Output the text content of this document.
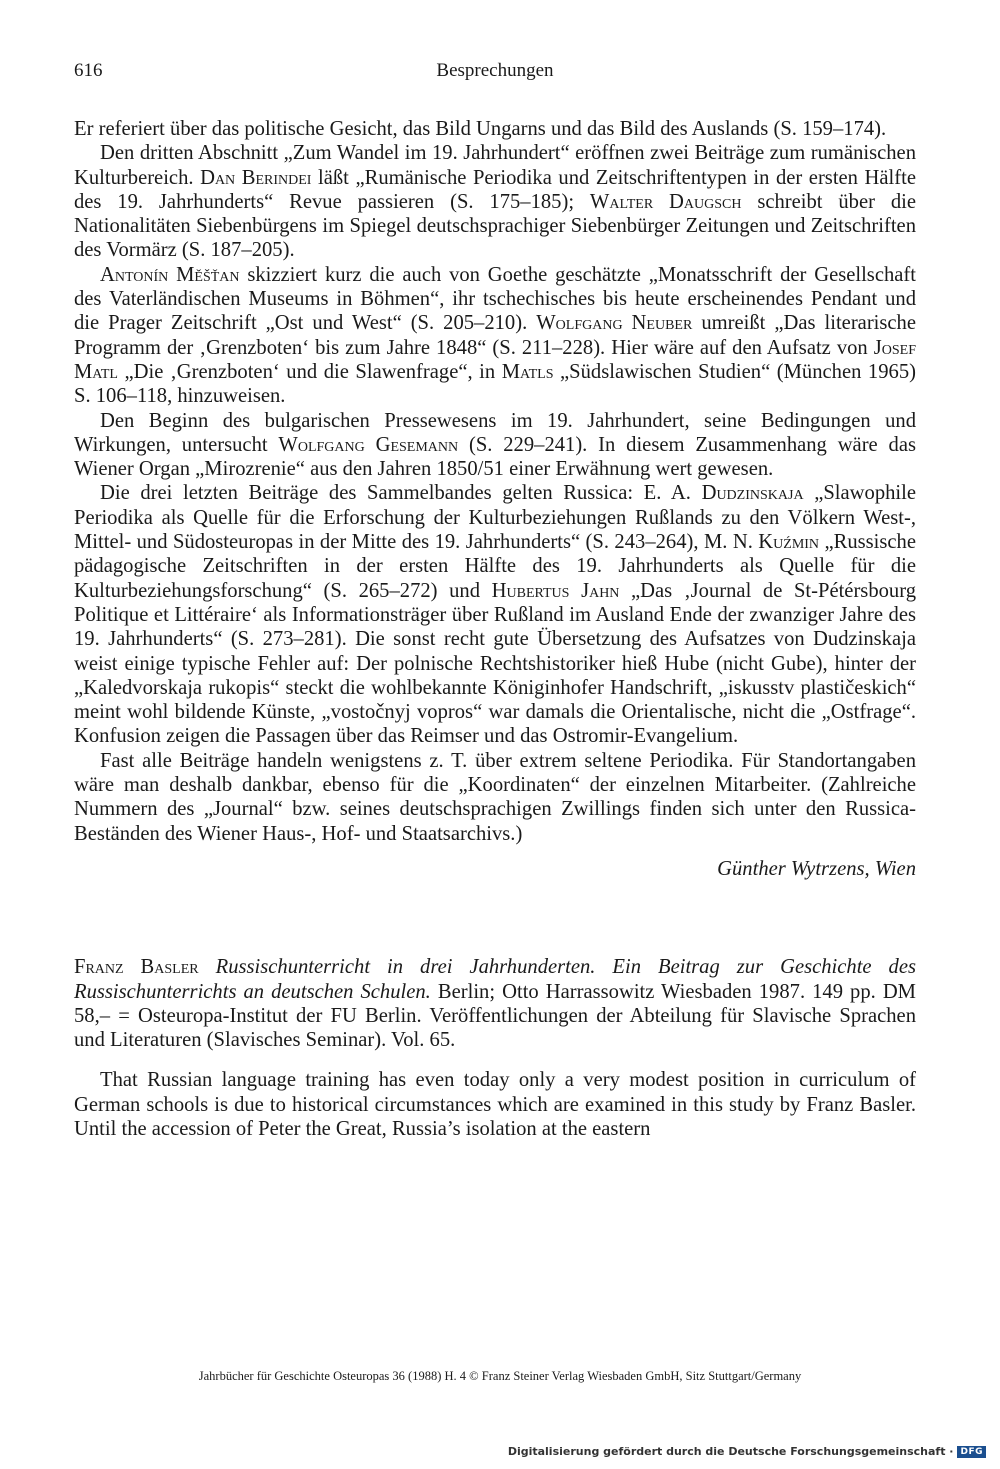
616	Besprechungen

Er referiert über das politische Gesicht, das Bild Ungarns und das Bild des Auslands (S. 159–174).

Den dritten Abschnitt „Zum Wandel im 19. Jahrhundert“ eröffnen zwei Beiträge zum rumänischen Kulturbereich. Dan Berindei läßt „Rumänische Periodika und Zeitschriftentypen in der ersten Hälfte des 19. Jahrhunderts“ Revue passieren (S. 175–185); Walter Daugsch schreibt über die Nationalitäten Siebenbürgens im Spiegel deutschsprachiger Siebenbürger Zeitungen und Zeitschriften des Vormärz (S. 187–205).

Antonín Měšťan skizziert kurz die auch von Goethe geschätzte „Monatsschrift der Gesellschaft des Vaterländischen Museums in Böhmen“, ihr tschechisches bis heute erscheinendes Pendant und die Prager Zeitschrift „Ost und West“ (S. 205–210). Wolfgang Neuber umreißt „Das literarische Programm der ‚Grenzboten‘ bis zum Jahre 1848“ (S. 211–228). Hier wäre auf den Aufsatz von Josef Matl „Die ‚Grenzboten‘ und die Slawenfrage“, in Matls „Südslawischen Studien“ (München 1965) S. 106–118, hinzuweisen.

Den Beginn des bulgarischen Pressewesens im 19. Jahrhundert, seine Bedingungen und Wirkungen, untersucht Wolfgang Gesemann (S. 229–241). In diesem Zusammenhang wäre das Wiener Organ „Mirozrenie“ aus den Jahren 1850/51 einer Erwähnung wert gewesen.

Die drei letzten Beiträge des Sammelbandes gelten Russica: E. A. Dudzinskaja „Slawophile Periodika als Quelle für die Erforschung der Kulturbeziehungen Rußlands zu den Völkern West-, Mittel- und Südosteuropas in der Mitte des 19. Jahrhunderts“ (S. 243–264), M. N. Kuźmin „Russische pädagogische Zeitschriften in der ersten Hälfte des 19. Jahrhunderts als Quelle für die Kulturbeziehungsforschung“ (S. 265–272) und Hubertus Jahn „Das ‚Journal de St-Pétérsbourg Politique et Littéraire‘ als Informationsträger über Rußland im Ausland Ende der zwanziger Jahre des 19. Jahrhunderts“ (S. 273–281). Die sonst recht gute Übersetzung des Aufsatzes von Dudzinskaja weist einige typische Fehler auf: Der polnische Rechtshistoriker hieß Hube (nicht Gube), hinter der „Kaledvorskaja rukopis“ steckt die wohlbekannte Königinhofer Handschrift, „iskusstv plastičeskich“ meint wohl bildende Künste, „vostočnyj vopros“ war damals die Orientalische, nicht die „Ostfrage“. Konfusion zeigen die Passagen über das Reimser und das Ostromir-Evangelium.

Fast alle Beiträge handeln wenigstens z. T. über extrem seltene Periodika. Für Standortangaben wäre man deshalb dankbar, ebenso für die „Koordinaten“ der einzelnen Mitarbeiter. (Zahlreiche Nummern des „Journal“ bzw. seines deutschsprachigen Zwillings finden sich unter den Russica-Beständen des Wiener Haus-, Hof- und Staatsarchivs.)

Günther Wytrzens, Wien

Franz Basler Russischunterricht in drei Jahrhunderten. Ein Beitrag zur Geschichte des Russischunterrichts an deutschen Schulen. Berlin; Otto Harrassowitz Wiesbaden 1987. 149 pp. DM 58,– = Osteuropa-Institut der FU Berlin. Veröffentlichungen der Abteilung für Slavische Sprachen und Literaturen (Slavisches Seminar). Vol. 65.

That Russian language training has even today only a very modest position in curriculum of German schools is due to historical circumstances which are examined in this study by Franz Basler. Until the accession of Peter the Great, Russia’s isolation at the eastern

Jahrbücher für Geschichte Osteuropas 36 (1988) H. 4 © Franz Steiner Verlag Wiesbaden GmbH, Sitz Stuttgart/Germany
Digitalisierung gefördert durch die Deutsche Forschungsgemeinschaft · DFG
